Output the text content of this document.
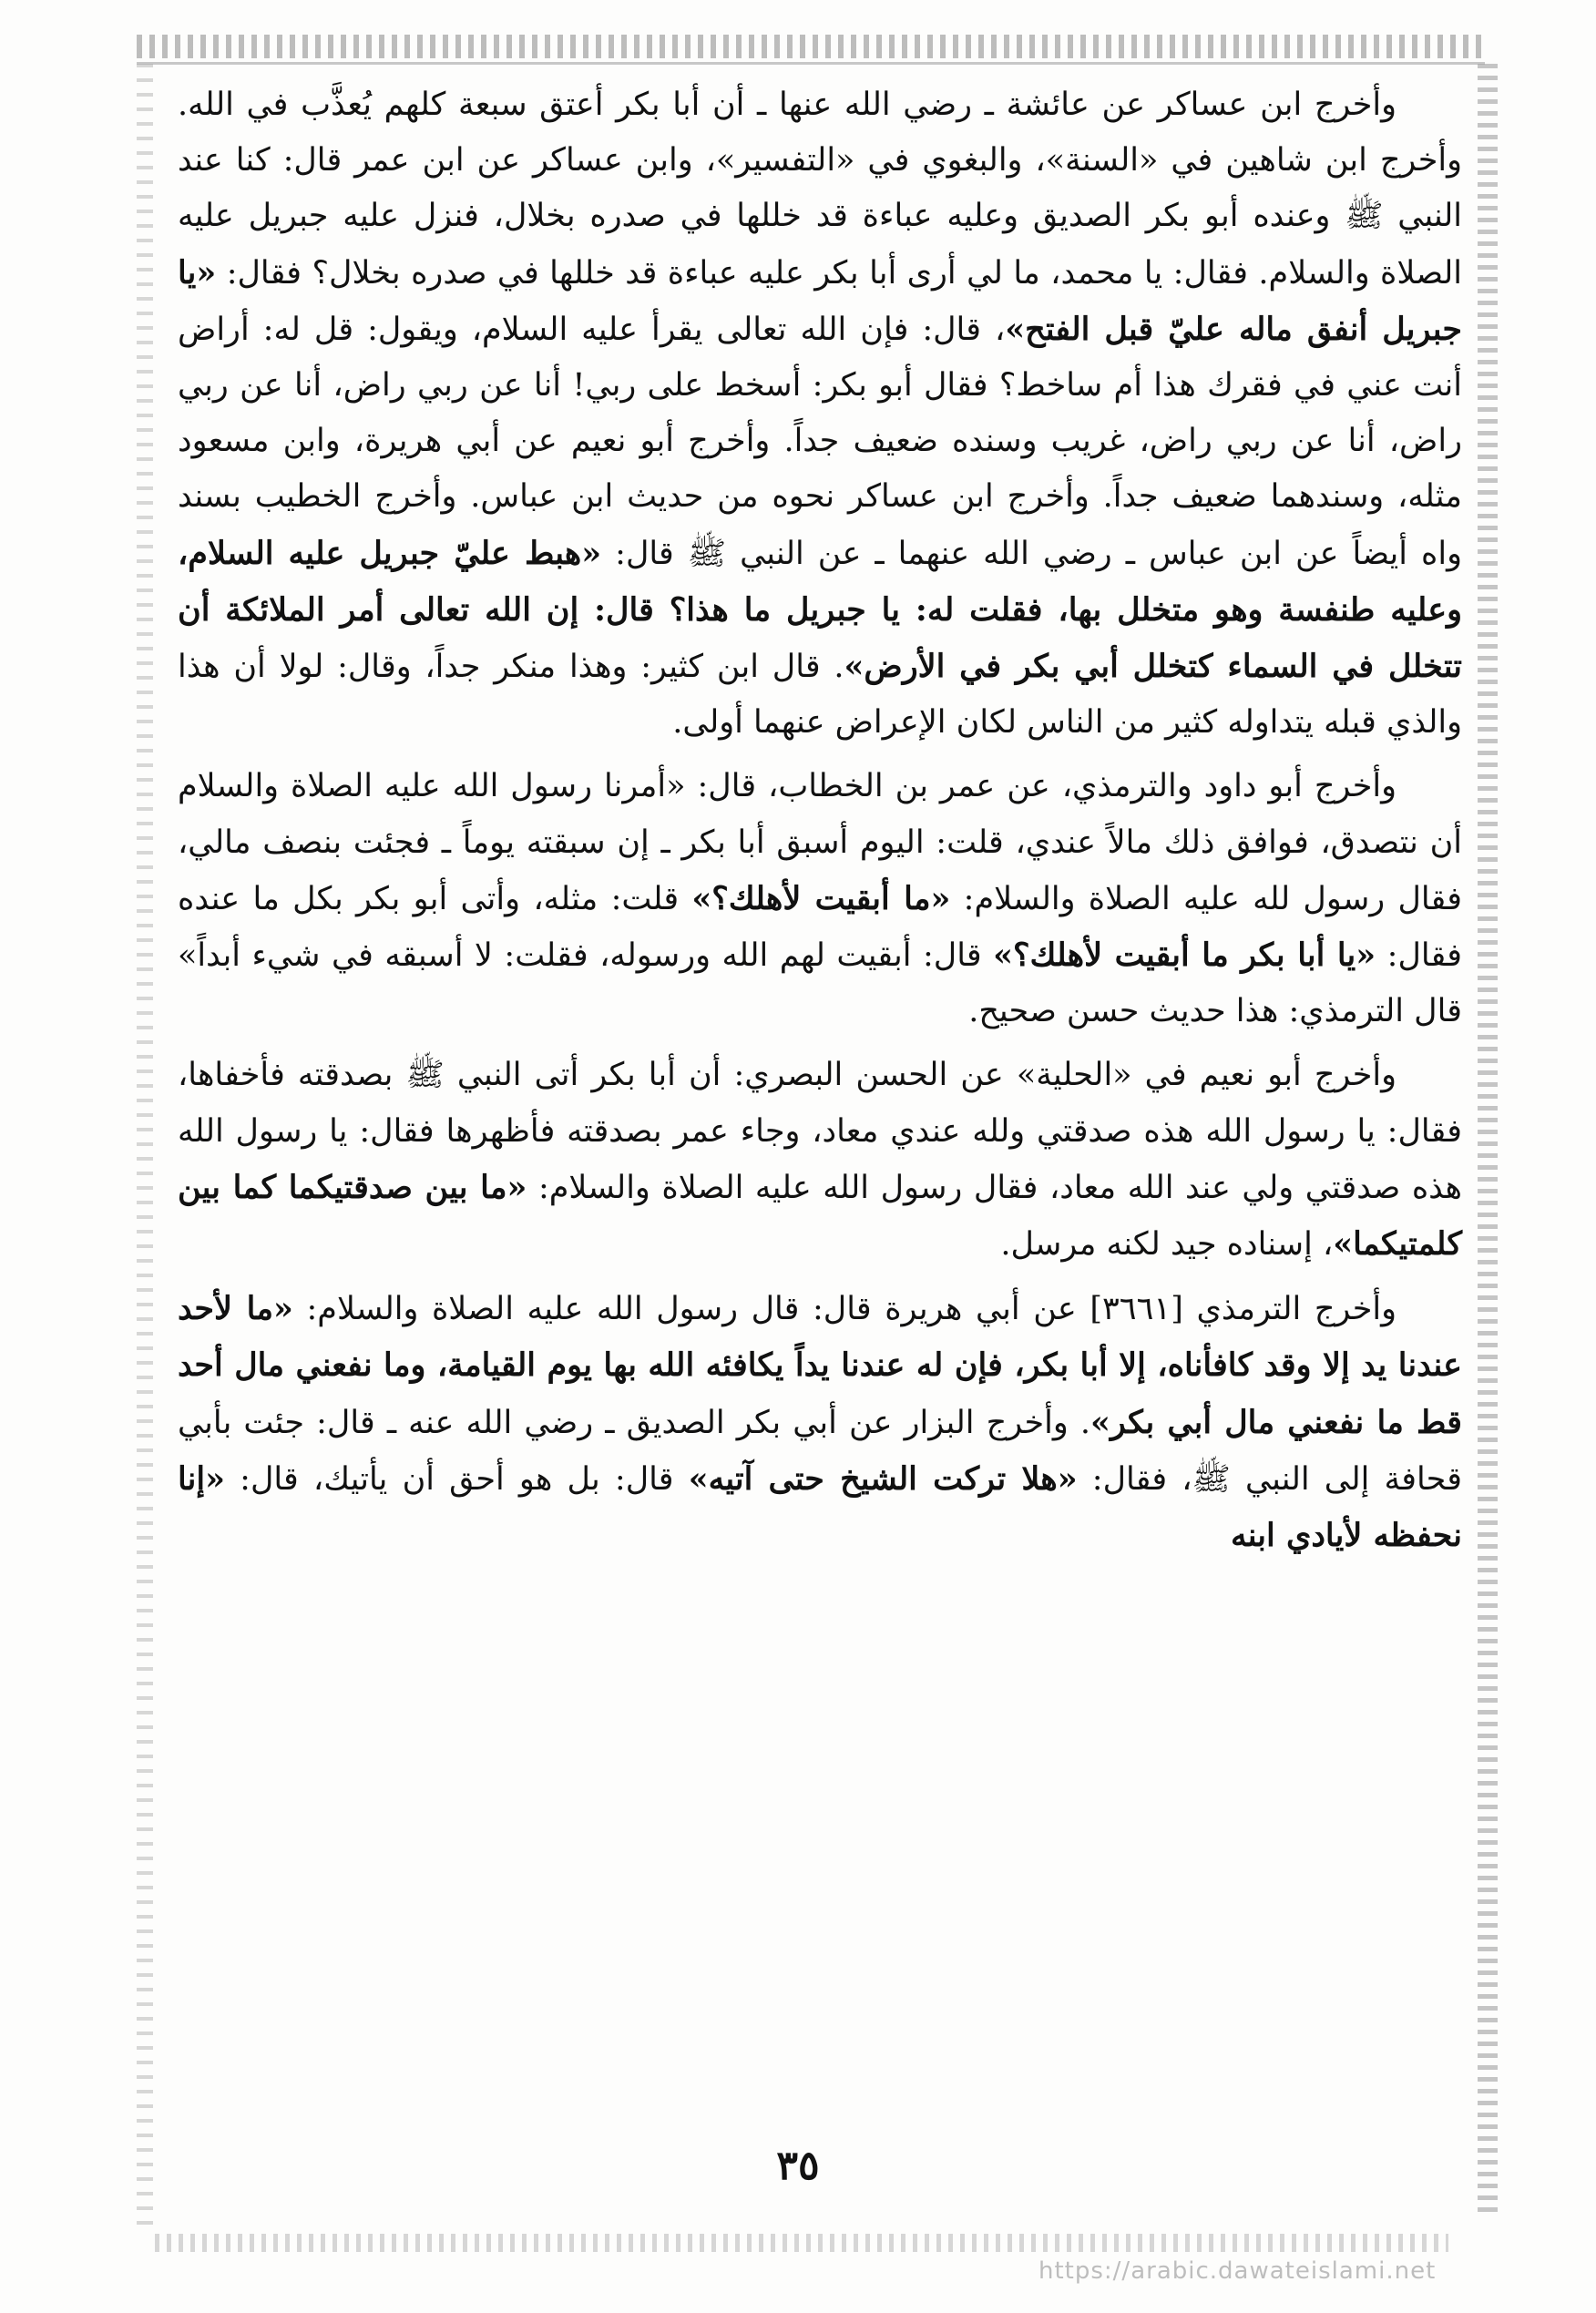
وأخرج ابن عساكر عن عائشة ـ رضي الله عنها ـ أن أبا بكر أعتق سبعة كلهم يُعذَّب في الله. وأخرج ابن شاهين في «السنة»، والبغوي في «التفسير»، وابن عساكر عن ابن عمر قال: كنا عند النبي ﷺ وعنده أبو بكر الصديق وعليه عباءة قد خللها في صدره بخلال، فنزل عليه جبريل عليه الصلاة والسلام. فقال: يا محمد، ما لي أرى أبا بكر عليه عباءة قد خللها في صدره بخلال؟ فقال: «يا جبريل أنفق ماله عليّ قبل الفتح»، قال: فإن الله تعالى يقرأ عليه السلام، ويقول: قل له: أراض أنت عني في فقرك هذا أم ساخط؟ فقال أبو بكر: أسخط على ربي! أنا عن ربي راض، أنا عن ربي راض، أنا عن ربي راض، غريب وسنده ضعيف جداً. وأخرج أبو نعيم عن أبي هريرة، وابن مسعود مثله، وسندهما ضعيف جداً. وأخرج ابن عساكر نحوه من حديث ابن عباس. وأخرج الخطيب بسند واه أيضاً عن ابن عباس ـ رضي الله عنهما ـ عن النبي ﷺ قال: «هبط عليّ جبريل عليه السلام، وعليه طنفسة وهو متخلل بها، فقلت له: يا جبريل ما هذا؟ قال: إن الله تعالى أمر الملائكة أن تتخلل في السماء كتخلل أبي بكر في الأرض». قال ابن كثير: وهذا منكر جداً، وقال: لولا أن هذا والذي قبله يتداوله كثير من الناس لكان الإعراض عنهما أولى.

وأخرج أبو داود والترمذي، عن عمر بن الخطاب، قال: «أمرنا رسول الله عليه الصلاة والسلام أن نتصدق، فوافق ذلك مالاً عندي، قلت: اليوم أسبق أبا بكر ـ إن سبقته يوماً ـ فجئت بنصف مالي، فقال رسول لله عليه الصلاة والسلام: «ما أبقيت لأهلك؟» قلت: مثله، وأتى أبو بكر بكل ما عنده فقال: «يا أبا بكر ما أبقيت لأهلك؟» قال: أبقيت لهم الله ورسوله، فقلت: لا أسبقه في شيء أبداً» قال الترمذي: هذا حديث حسن صحيح.

وأخرج أبو نعيم في «الحلية» عن الحسن البصري: أن أبا بكر أتى النبي ﷺ بصدقته فأخفاها، فقال: يا رسول الله هذه صدقتي ولله عندي معاد، وجاء عمر بصدقته فأظهرها فقال: يا رسول الله هذه صدقتي ولي عند الله معاد، فقال رسول الله عليه الصلاة والسلام: «ما بين صدقتيكما كما بين كلمتيكما»، إسناده جيد لكنه مرسل.

وأخرج الترمذي [٣٦٦١] عن أبي هريرة قال: قال رسول الله عليه الصلاة والسلام: «ما لأحد عندنا يد إلا وقد كافأناه، إلا أبا بكر، فإن له عندنا يداً يكافئه الله بها يوم القيامة، وما نفعني مال أحد قط ما نفعني مال أبي بكر». وأخرج البزار عن أبي بكر الصديق ـ رضي الله عنه ـ قال: جئت بأبي قحافة إلى النبي ﷺ، فقال: «هلا تركت الشيخ حتى آتيه» قال: بل هو أحق أن يأتيك، قال: «إنا نحفظه لأيادي ابنه

٣٥
https://arabic.dawateislami.net
